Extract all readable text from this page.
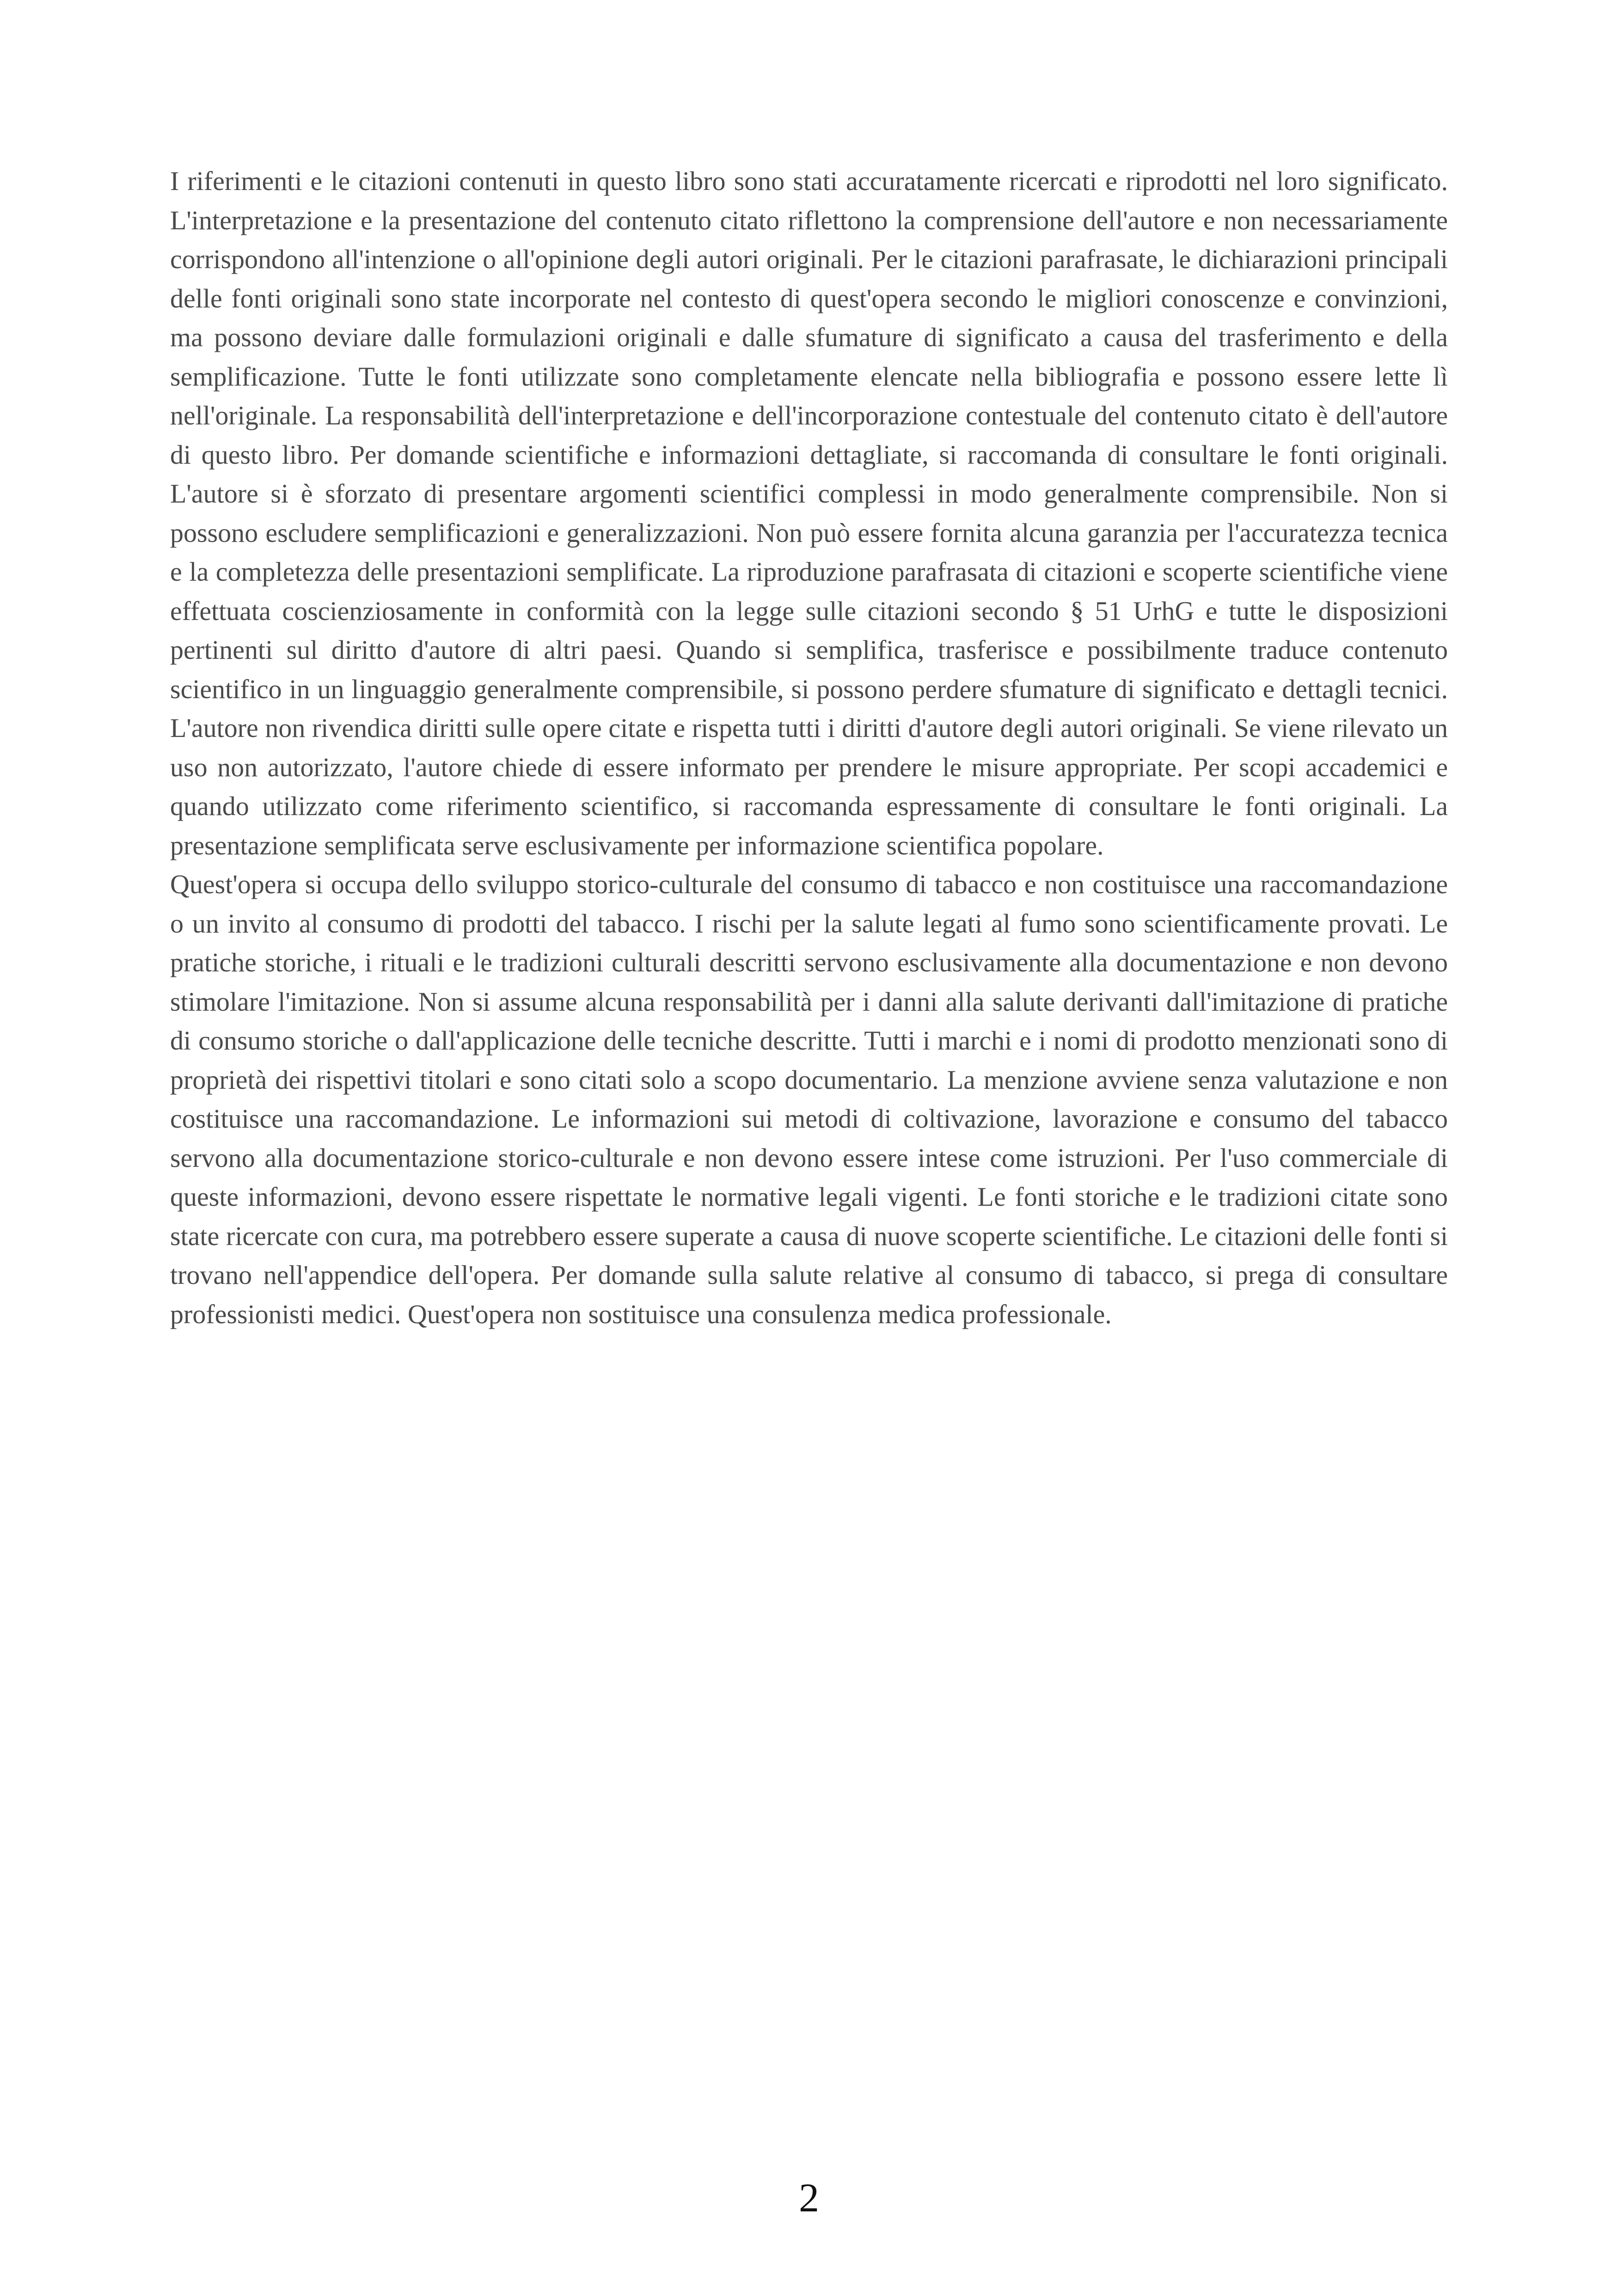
I riferimenti e le citazioni contenuti in questo libro sono stati accuratamente ricercati e riprodotti nel loro significato. L'interpretazione e la presentazione del contenuto citato riflettono la comprensione dell'autore e non necessariamente corrispondono all'intenzione o all'opinione degli autori originali. Per le citazioni parafrasate, le dichiarazioni principali delle fonti originali sono state incorporate nel contesto di quest'opera secondo le migliori conoscenze e convinzioni, ma possono deviare dalle formulazioni originali e dalle sfumature di significato a causa del trasferimento e della semplificazione. Tutte le fonti utilizzate sono completamente elencate nella bibliografia e possono essere lette lì nell'originale. La responsabilità dell'interpretazione e dell'incorporazione contestuale del contenuto citato è dell'autore di questo libro. Per domande scientifiche e informazioni dettagliate, si raccomanda di consultare le fonti originali. L'autore si è sforzato di presentare argomenti scientifici complessi in modo generalmente comprensibile. Non si possono escludere semplificazioni e generalizzazioni. Non può essere fornita alcuna garanzia per l'accuratezza tecnica e la completezza delle presentazioni semplificate. La riproduzione parafrasata di citazioni e scoperte scientifiche viene effettuata coscienziosamente in conformità con la legge sulle citazioni secondo § 51 UrhG e tutte le disposizioni pertinenti sul diritto d'autore di altri paesi. Quando si semplifica, trasferisce e possibilmente traduce contenuto scientifico in un linguaggio generalmente comprensibile, si possono perdere sfumature di significato e dettagli tecnici. L'autore non rivendica diritti sulle opere citate e rispetta tutti i diritti d'autore degli autori originali. Se viene rilevato un uso non autorizzato, l'autore chiede di essere informato per prendere le misure appropriate. Per scopi accademici e quando utilizzato come riferimento scientifico, si raccomanda espressamente di consultare le fonti originali. La presentazione semplificata serve esclusivamente per informazione scientifica popolare.

Quest'opera si occupa dello sviluppo storico-culturale del consumo di tabacco e non costituisce una raccomandazione o un invito al consumo di prodotti del tabacco. I rischi per la salute legati al fumo sono scientificamente provati. Le pratiche storiche, i rituali e le tradizioni culturali descritti servono esclusivamente alla documentazione e non devono stimolare l'imitazione. Non si assume alcuna responsabilità per i danni alla salute derivanti dall'imitazione di pratiche di consumo storiche o dall'applicazione delle tecniche descritte. Tutti i marchi e i nomi di prodotto menzionati sono di proprietà dei rispettivi titolari e sono citati solo a scopo documentario. La menzione avviene senza valutazione e non costituisce una raccomandazione. Le informazioni sui metodi di coltivazione, lavorazione e consumo del tabacco servono alla documentazione storico-culturale e non devono essere intese come istruzioni. Per l'uso commerciale di queste informazioni, devono essere rispettate le normative legali vigenti. Le fonti storiche e le tradizioni citate sono state ricercate con cura, ma potrebbero essere superate a causa di nuove scoperte scientifiche. Le citazioni delle fonti si trovano nell'appendice dell'opera. Per domande sulla salute relative al consumo di tabacco, si prega di consultare professionisti medici. Quest'opera non sostituisce una consulenza medica professionale.

2
